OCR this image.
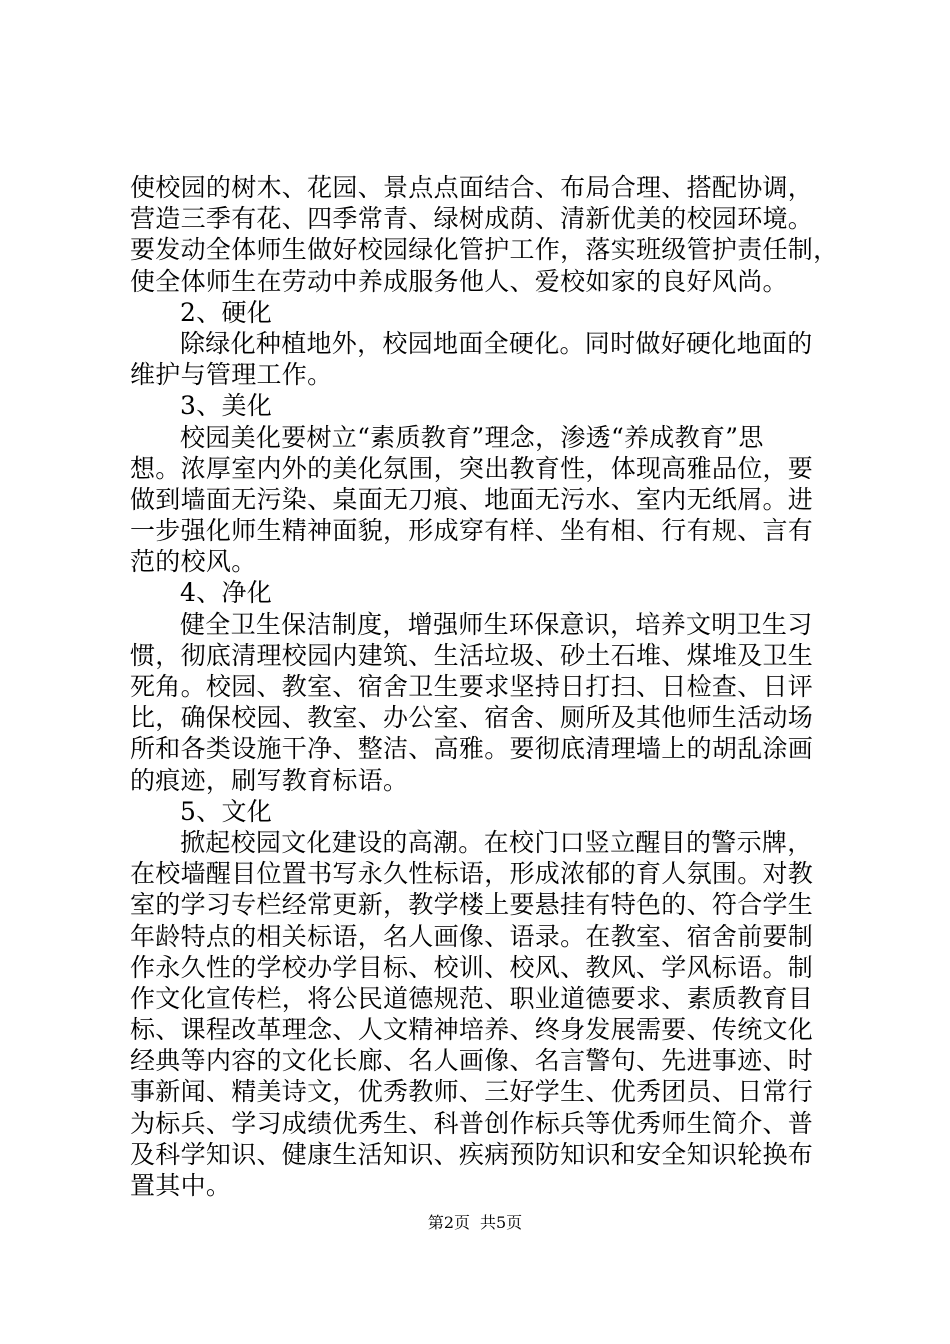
使校园的树木、花园、景点点面结合、布局合理、搭配协调，
营造三季有花、四季常青、绿树成荫、清新优美的校园环境。
要发动全体师生做好校园绿化管护工作，落实班级管护责任制，
使全体师生在劳动中养成服务他人、爱校如家的良好风尚。
2、硬化
除绿化种植地外，校园地面全硬化。同时做好硬化地面的
维护与管理工作。
3、美化
校园美化要树立“素质教育”理念，渗透“养成教育”思
想。浓厚室内外的美化氛围，突出教育性，体现高雅品位，要
做到墙面无污染、桌面无刀痕、地面无污水、室内无纸屑。进
一步强化师生精神面貌，形成穿有样、坐有相、行有规、言有
范的校风。
4、净化
健全卫生保洁制度，增强师生环保意识，培养文明卫生习
惯，彻底清理校园内建筑、生活垃圾、砂土石堆、煤堆及卫生
死角。校园、教室、宿舍卫生要求坚持日打扫、日检查、日评
比，确保校园、教室、办公室、宿舍、厕所及其他师生活动场
所和各类设施干净、整洁、高雅。要彻底清理墙上的胡乱涂画
的痕迹，刷写教育标语。
5、文化
掀起校园文化建设的高潮。在校门口竖立醒目的警示牌，
在校墙醒目位置书写永久性标语，形成浓郁的育人氛围。对教
室的学习专栏经常更新，教学楼上要悬挂有特色的、符合学生
年龄特点的相关标语，名人画像、语录。在教室、宿舍前要制
作永久性的学校办学目标、校训、校风、教风、学风标语。制
作文化宣传栏，将公民道德规范、职业道德要求、素质教育目
标、课程改革理念、人文精神培养、终身发展需要、传统文化
经典等内容的文化长廊、名人画像、名言警句、先进事迹、时
事新闻、精美诗文，优秀教师、三好学生、优秀团员、日常行
为标兵、学习成绩优秀生、科普创作标兵等优秀师生简介、普
及科学知识、健康生活知识、疾病预防知识和安全知识轮换布
置其中。
第2页 共5页
